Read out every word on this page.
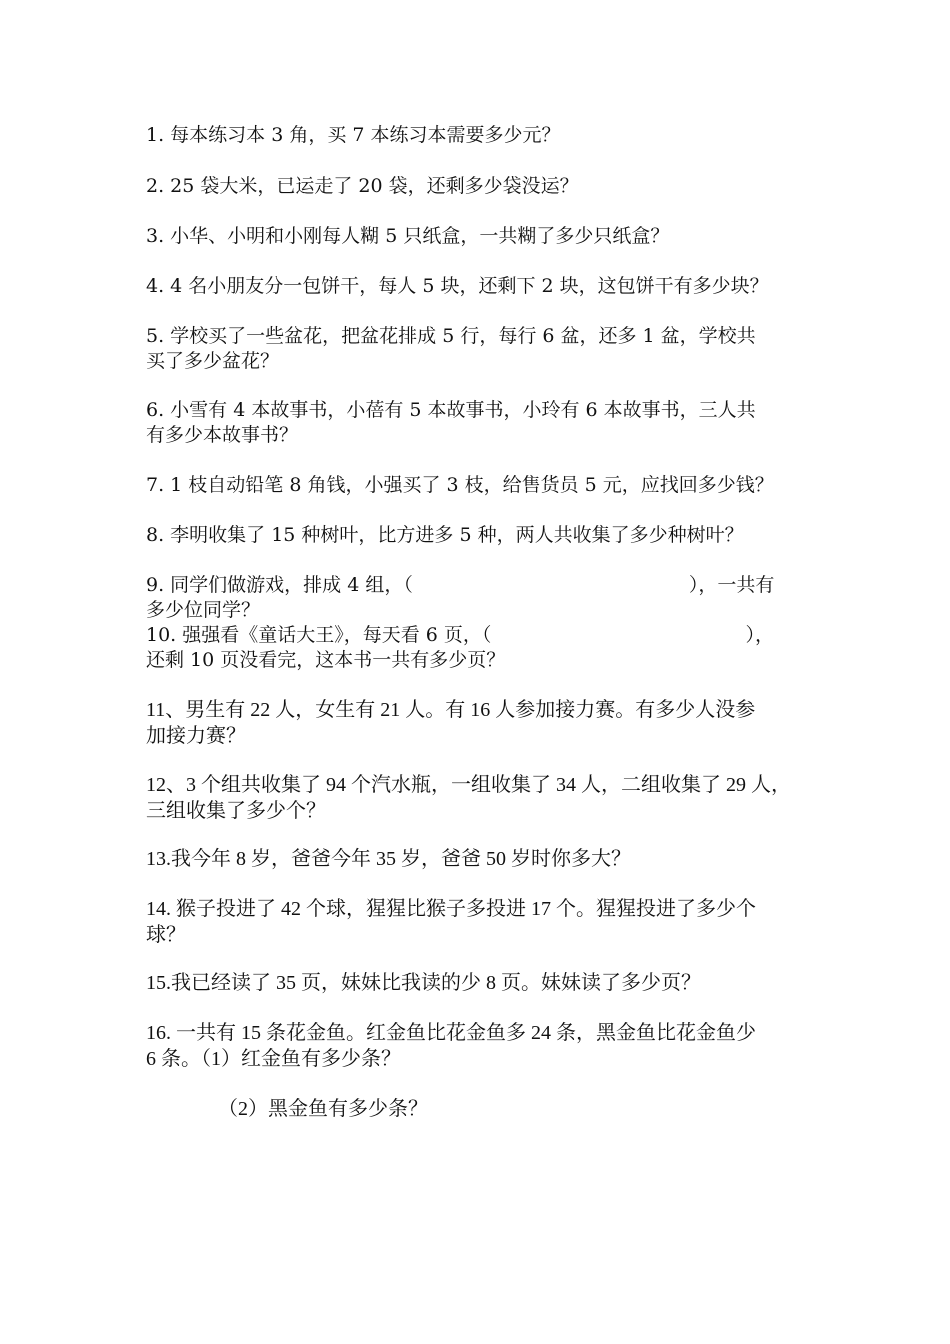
1. 每本练习本 3 角，买 7 本练习本需要多少元？
2. 25 袋大米，已运走了 20 袋，还剩多少袋没运？
3. 小华、小明和小刚每人糊 5 只纸盒，一共糊了多少只纸盒？
4. 4 名小朋友分一包饼干，每人 5 块，还剩下 2 块，这包饼干有多少块？
5. 学校买了一些盆花，把盆花排成 5 行，每行 6 盆，还多 1 盆，学校共
买了多少盆花？
6. 小雪有 4 本故事书，小蓓有 5 本故事书，小玲有 6 本故事书，三人共
有多少本故事书？
7. 1 枝自动铅笔 8 角钱，小强买了 3 枝，给售货员 5 元，应找回多少钱？
8. 李明收集了 15 种树叶，比方进多 5 种，两人共收集了多少种树叶？
9. 同学们做游戏，排成 4 组，（	），一共有
多少位同学？
10. 强强看《童话大王》，每天看 6 页，（	），
还剩 10 页没看完，这本书一共有多少页？
11、男生有 22 人，女生有 21 人。有 16 人参加接力赛。有多少人没参
加接力赛？
12、3 个组共收集了 94 个汽水瓶，一组收集了 34 人，二组收集了 29 人，
三组收集了多少个？
13.我今年 8 岁，爸爸今年 35 岁，爸爸 50 岁时你多大？
14. 猴子投进了 42 个球，猩猩比猴子多投进 17 个。猩猩投进了多少个
球？
15.我已经读了 35 页，妹妹比我读的少 8 页。妹妹读了多少页？
16. 一共有 15 条花金鱼。红金鱼比花金鱼多 24 条，黑金鱼比花金鱼少
6 条。（1）红金鱼有多少条？
（2）黑金鱼有多少条？
